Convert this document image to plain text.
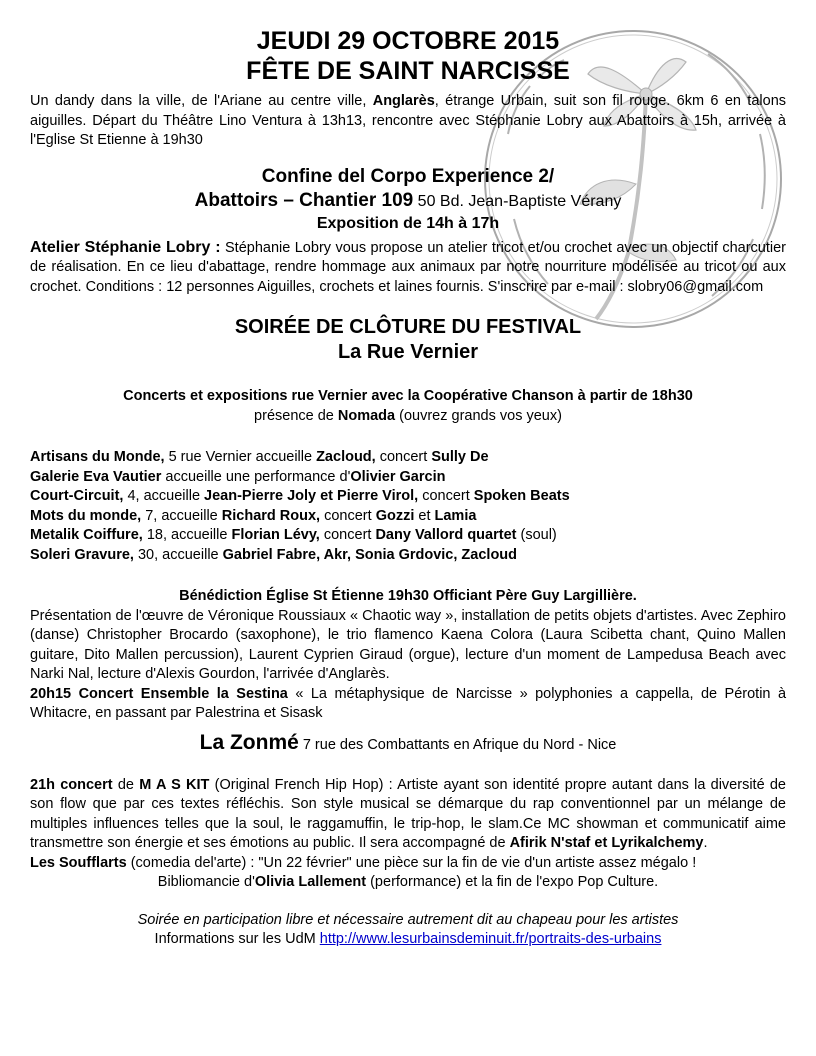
JEUDI 29 OCTOBRE 2015

FÊTE DE SAINT NARCISSE

Un dandy dans la ville, de l'Ariane au centre ville, Anglarès, étrange Urbain, suit son fil rouge. 6km 6 en talons aiguilles. Départ du Théâtre Lino Ventura à 13h13, rencontre avec Stéphanie Lobry aux Abattoirs à 15h, arrivée à l'Eglise St Etienne à 19h30

Confine del Corpo Experience 2/

Abattoirs – Chantier 109 50 Bd. Jean-Baptiste Vérany

Exposition de 14h à 17h

Atelier Stéphanie Lobry : Stéphanie Lobry vous propose un atelier tricot et/ou crochet avec un objectif charcutier de réalisation. En ce lieu d'abattage, rendre hommage aux animaux par notre nourriture modélisée au tricot ou aux crochet. Conditions : 12 personnes Aiguilles, crochets et laines fournis. S'inscrire par e-mail : slobry06@gmail.com

SOIRÉE DE CLÔTURE DU FESTIVAL

La Rue Vernier

Concerts et expositions rue Vernier avec la Coopérative Chanson à partir de 18h30

présence de Nomada (ouvrez grands vos yeux)

Artisans du Monde, 5 rue Vernier accueille Zacloud, concert Sully De
Galerie Eva Vautier accueille une performance d'Olivier Garcin
Court-Circuit, 4, accueille Jean-Pierre Joly et Pierre Virol, concert Spoken Beats
Mots du monde, 7, accueille Richard Roux, concert Gozzi et Lamia
Metalik Coiffure, 18, accueille Florian Lévy, concert Dany Vallord quartet (soul)
Soleri Gravure, 30, accueille Gabriel Fabre, Akr, Sonia Grdovic, Zacloud

Bénédiction Église St Étienne 19h30 Officiant Père Guy Largillière.

Présentation de l'œuvre de Véronique Roussiaux « Chaotic way », installation de petits objets d'artistes. Avec Zephiro (danse) Christopher Brocardo (saxophone), le trio flamenco Kaena Colora (Laura Scibetta chant, Quino Mallen guitare, Dito Mallen percussion), Laurent Cyprien Giraud (orgue), lecture d'un moment de Lampedusa Beach avec Narki Nal, lecture d'Alexis Gourdon, l'arrivée d'Anglarès.

20h15 Concert Ensemble la Sestina « La métaphysique de Narcisse » polyphonies a cappella, de Pérotin à Whitacre, en passant par Palestrina et Sisask

La Zonmé 7 rue des Combattants en Afrique du Nord - Nice

21h concert de M A S KIT (Original French Hip Hop) : Artiste ayant son identité propre autant dans la diversité de son flow que par ces textes réfléchis. Son style musical se démarque du rap conventionnel par un mélange de multiples influences telles que la soul, le raggamuffin, le trip-hop, le slam.Ce MC showman et communicatif aime transmettre son énergie et ses émotions au public. Il sera accompagné de Afirik N'staf et Lyrikalchemy.

Les Soufflarts (comedia del'arte) : "Un 22 février" une pièce sur la fin de vie d'un artiste assez mégalo !

Bibliomancie d'Olivia Lallement (performance) et la fin de l'expo Pop Culture.

Soirée en participation libre et nécessaire autrement dit au chapeau pour les artistes

Informations sur les UdM http://www.lesurbainsdeminuit.fr/portraits-des-urbains
